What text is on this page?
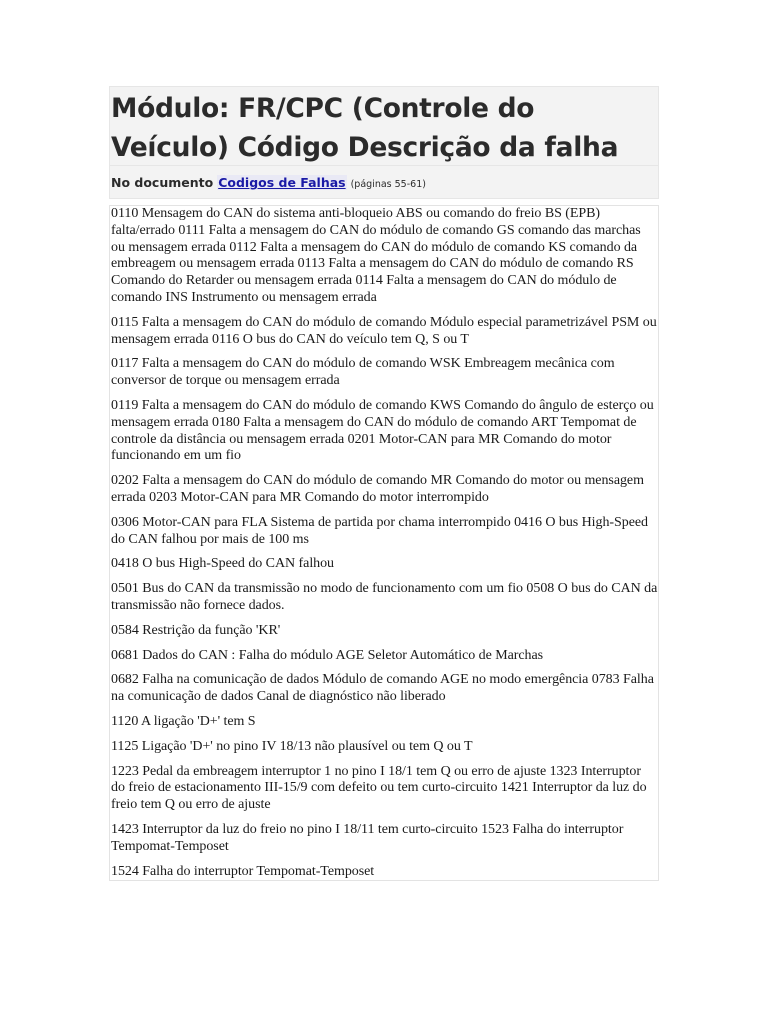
Módulo: FR/CPC (Controle do Veículo) Código Descrição da falha
No documento Codigos de Falhas (páginas 55-61)

0110 Mensagem do CAN do sistema anti-bloqueio ABS ou comando do freio BS (EPB) falta/errado 0111 Falta a mensagem do CAN do módulo de comando GS comando das marchas ou mensagem errada 0112 Falta a mensagem do CAN do módulo de comando KS comando da embreagem ou mensagem errada 0113 Falta a mensagem do CAN do módulo de comando RS Comando do Retarder ou mensagem errada 0114 Falta a mensagem do CAN do módulo de comando INS Instrumento ou mensagem errada

0115 Falta a mensagem do CAN do módulo de comando Módulo especial parametrizável PSM ou mensagem errada 0116 O bus do CAN do veículo tem Q, S ou T

0117 Falta a mensagem do CAN do módulo de comando WSK Embreagem mecânica com conversor de torque ou mensagem errada

0119 Falta a mensagem do CAN do módulo de comando KWS Comando do ângulo de esterço ou mensagem errada 0180 Falta a mensagem do CAN do módulo de comando ART Tempomat de controle da distância ou mensagem errada 0201 Motor-CAN para MR Comando do motor funcionando em um fio

0202 Falta a mensagem do CAN do módulo de comando MR Comando do motor ou mensagem errada 0203 Motor-CAN para MR Comando do motor interrompido

0306 Motor-CAN para FLA Sistema de partida por chama interrompido 0416 O bus High-Speed do CAN falhou por mais de 100 ms

0418 O bus High-Speed do CAN falhou

0501 Bus do CAN da transmissão no modo de funcionamento com um fio 0508 O bus do CAN da transmissão não fornece dados.

0584 Restrição da função 'KR'

0681 Dados do CAN : Falha do módulo AGE Seletor Automático de Marchas

0682 Falha na comunicação de dados Módulo de comando AGE no modo emergência 0783 Falha na comunicação de dados Canal de diagnóstico não liberado

1120 A ligação 'D+' tem S

1125 Ligação 'D+' no pino IV 18/13 não plausível ou tem Q ou T

1223 Pedal da embreagem interruptor 1 no pino I 18/1 tem Q ou erro de ajuste 1323 Interruptor do freio de estacionamento III-15/9 com defeito ou tem curto-circuito 1421 Interruptor da luz do freio tem Q ou erro de ajuste

1423 Interruptor da luz do freio no pino I 18/11 tem curto-circuito 1523 Falha do interruptor Tempomat-Temposet

1524 Falha do interruptor Tempomat-Temposet
